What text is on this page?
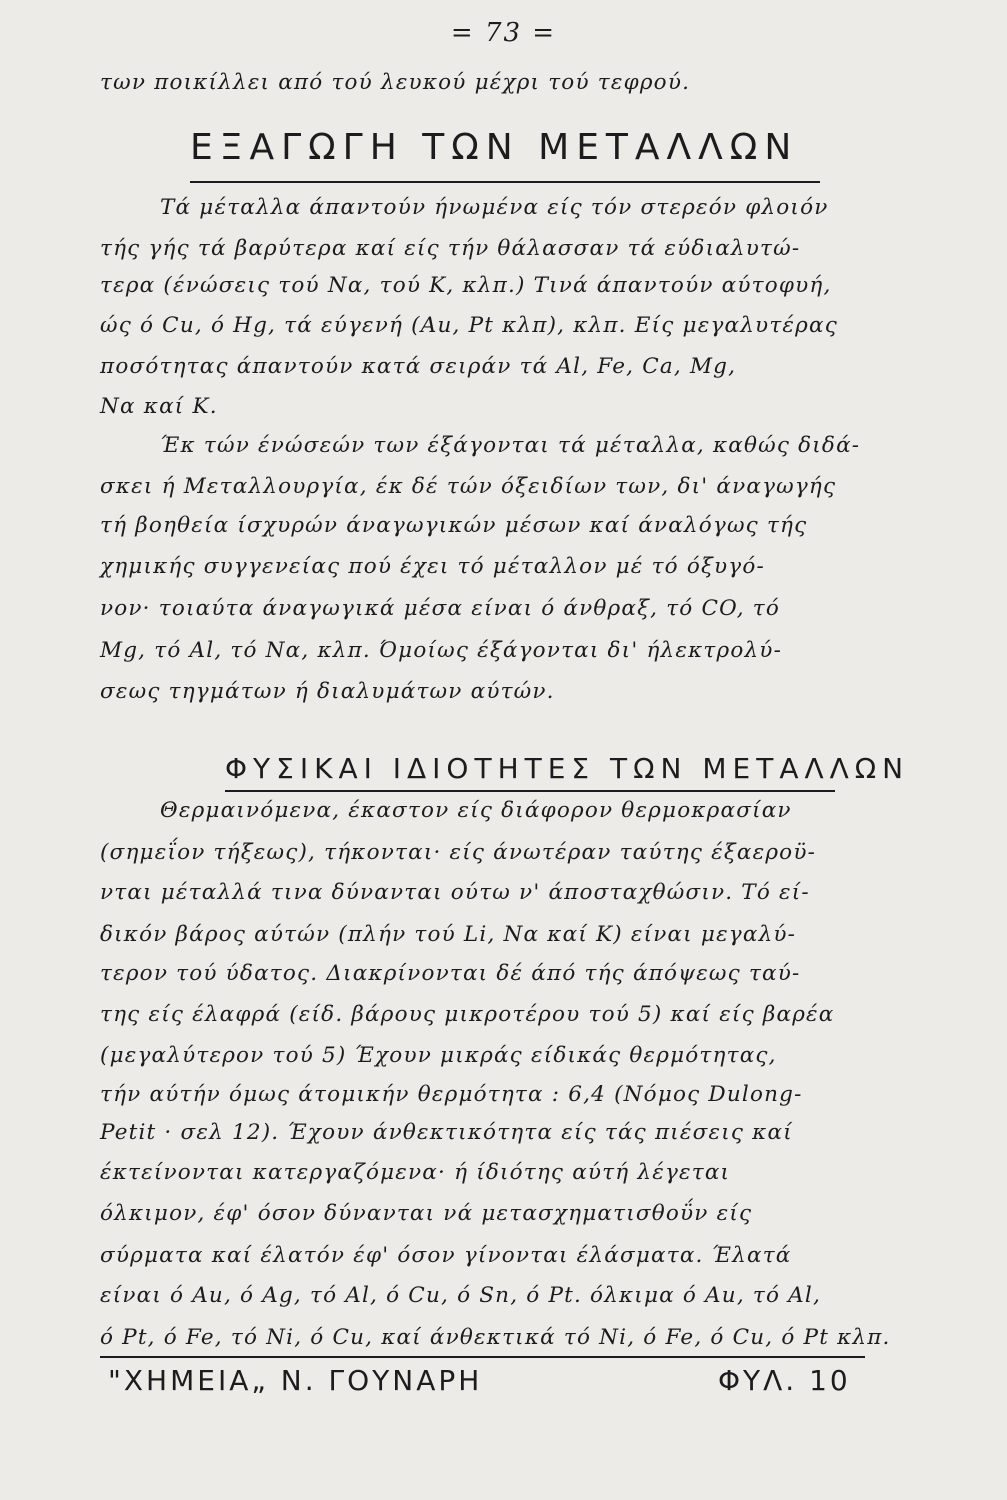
= 73 =
των ποικίλλει από τού λευκού μέχρι τού τεφρού.
ΕΞΑΓΩΓΗ ΤΩΝ ΜΕΤΑΛΛΩΝ
Τά μέταλλα άπαντούν ήνωμένα είς τόν στερεόν φλοιόν
τής γής τά βαρύτερα καί είς τήν θάλασσαν τά εύδιαλυτώ-
τερα (ένώσεις τού Να, τού Κ, κλπ.) Τινά άπαντούν αύτοφυή,
ώς ό Cu, ό Hg, τά εύγενή (Au, Pt κλπ), κλπ. Είς μεγαλυτέρας
ποσότητας άπαντούν κατά σειράν τά Al, Fe, Ca, Mg,
Να καί Κ.
Έκ τών ένώσεών των έξάγονται τά μέταλλα, καθώς διδά-
σκει ή Μεταλλουργία, έκ δέ τών όξειδίων των, δι' άναγωγής
τή βοηθεία ίσχυρών άναγωγικών μέσων καί άναλόγως τής
χημικής συγγενείας πού έχει τό μέταλλον μέ τό όξυγό-
νον· τοιαύτα άναγωγικά μέσα είναι ό άνθραξ, τό CO, τό
Mg, τό Al, τό Να, κλπ. Όμοίως έξάγονται δι' ήλεκτρολύ-
σεως τηγμάτων ή διαλυμάτων αύτών.
ΦΥΣΙΚΑΙ ΙΔΙΟΤΗΤΕΣ ΤΩΝ ΜΕΤΑΛΛΩΝ
Θερμαινόμενα, έκαστον είς διάφορον θερμοκρασίαν
(σημεΐον τήξεως), τήκονται· είς άνωτέραν ταύτης έξαεροϋ-
νται μέταλλά τινα δύνανται ούτω ν' άποσταχθώσιν. Τό εί-
δικόν βάρος αύτών (πλήν τού Li, Να καί Κ) είναι μεγαλύ-
τερον τού ύδατος. Διακρίνονται δέ άπό τής άπόψεως ταύ-
της είς έλαφρά (είδ. βάρους μικροτέρου τού 5) καί είς βαρέα
(μεγαλύτερον τού 5) Έχουν μικράς είδικάς θερμότητας,
τήν αύτήν όμως άτομικήν θερμότητα : 6,4 (Νόμος Dulong-
Petit · σελ 12). Έχουν άνθεκτικότητα είς τάς πιέσεις καί
έκτείνονται κατεργαζόμενα· ή ίδιότης αύτή λέγεται
όλκιμον, έφ' όσον δύνανται νά μετασχηματισθοΰν είς
σύρματα καί έλατόν έφ' όσον γίνονται έλάσματα. Έλατά
είναι ό Au, ό Ag, τό Al, ό Cu, ό Sn, ό Pt. όλκιμα ό Au, τό Al,
ό Pt, ό Fe, τό Ni, ό Cu, καί άνθεκτικά τό Ni, ό Fe, ό Cu, ό Pt κλπ.
"ΧΗΜΕΙΑ„ Ν. ΓΟΥΝΑΡΗ	ΦΥΛ. 10
